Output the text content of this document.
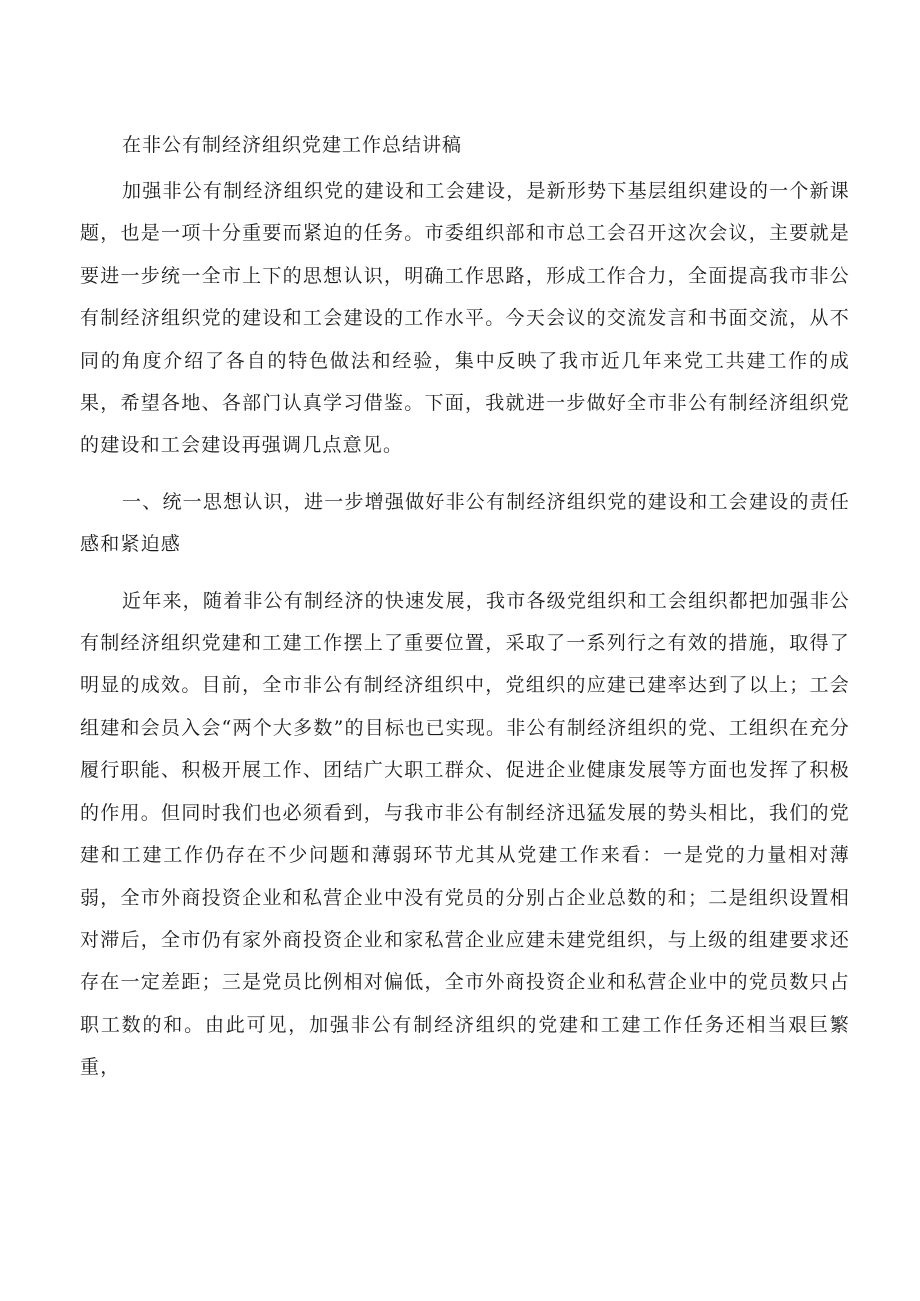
在非公有制经济组织党建工作总结讲稿

加强非公有制经济组织党的建设和工会建设，是新形势下基层组织建设的一个新课题，也是一项十分重要而紧迫的任务。市委组织部和市总工会召开这次会议，主要就是要进一步统一全市上下的思想认识，明确工作思路，形成工作合力，全面提高我市非公有制经济组织党的建设和工会建设的工作水平。今天会议的交流发言和书面交流，从不同的角度介绍了各自的特色做法和经验，集中反映了我市近几年来党工共建工作的成果，希望各地、各部门认真学习借鉴。下面，我就进一步做好全市非公有制经济组织党的建设和工会建设再强调几点意见。

一、统一思想认识，进一步增强做好非公有制经济组织党的建设和工会建设的责任感和紧迫感

近年来，随着非公有制经济的快速发展，我市各级党组织和工会组织都把加强非公有制经济组织党建和工建工作摆上了重要位置，采取了一系列行之有效的措施，取得了明显的成效。目前，全市非公有制经济组织中，党组织的应建已建率达到了以上；工会组建和会员入会“两个大多数”的目标也已实现。非公有制经济组织的党、工组织在充分履行职能、积极开展工作、团结广大职工群众、促进企业健康发展等方面也发挥了积极的作用。但同时我们也必须看到，与我市非公有制经济迅猛发展的势头相比，我们的党建和工建工作仍存在不少问题和薄弱环节尤其从党建工作来看：一是党的力量相对薄弱，全市外商投资企业和私营企业中没有党员的分别占企业总数的和；二是组织设置相对滞后，全市仍有家外商投资企业和家私营企业应建未建党组织，与上级的组建要求还存在一定差距；三是党员比例相对偏低，全市外商投资企业和私营企业中的党员数只占职工数的和。由此可见，加强非公有制经济组织的党建和工建工作任务还相当艰巨繁重，
